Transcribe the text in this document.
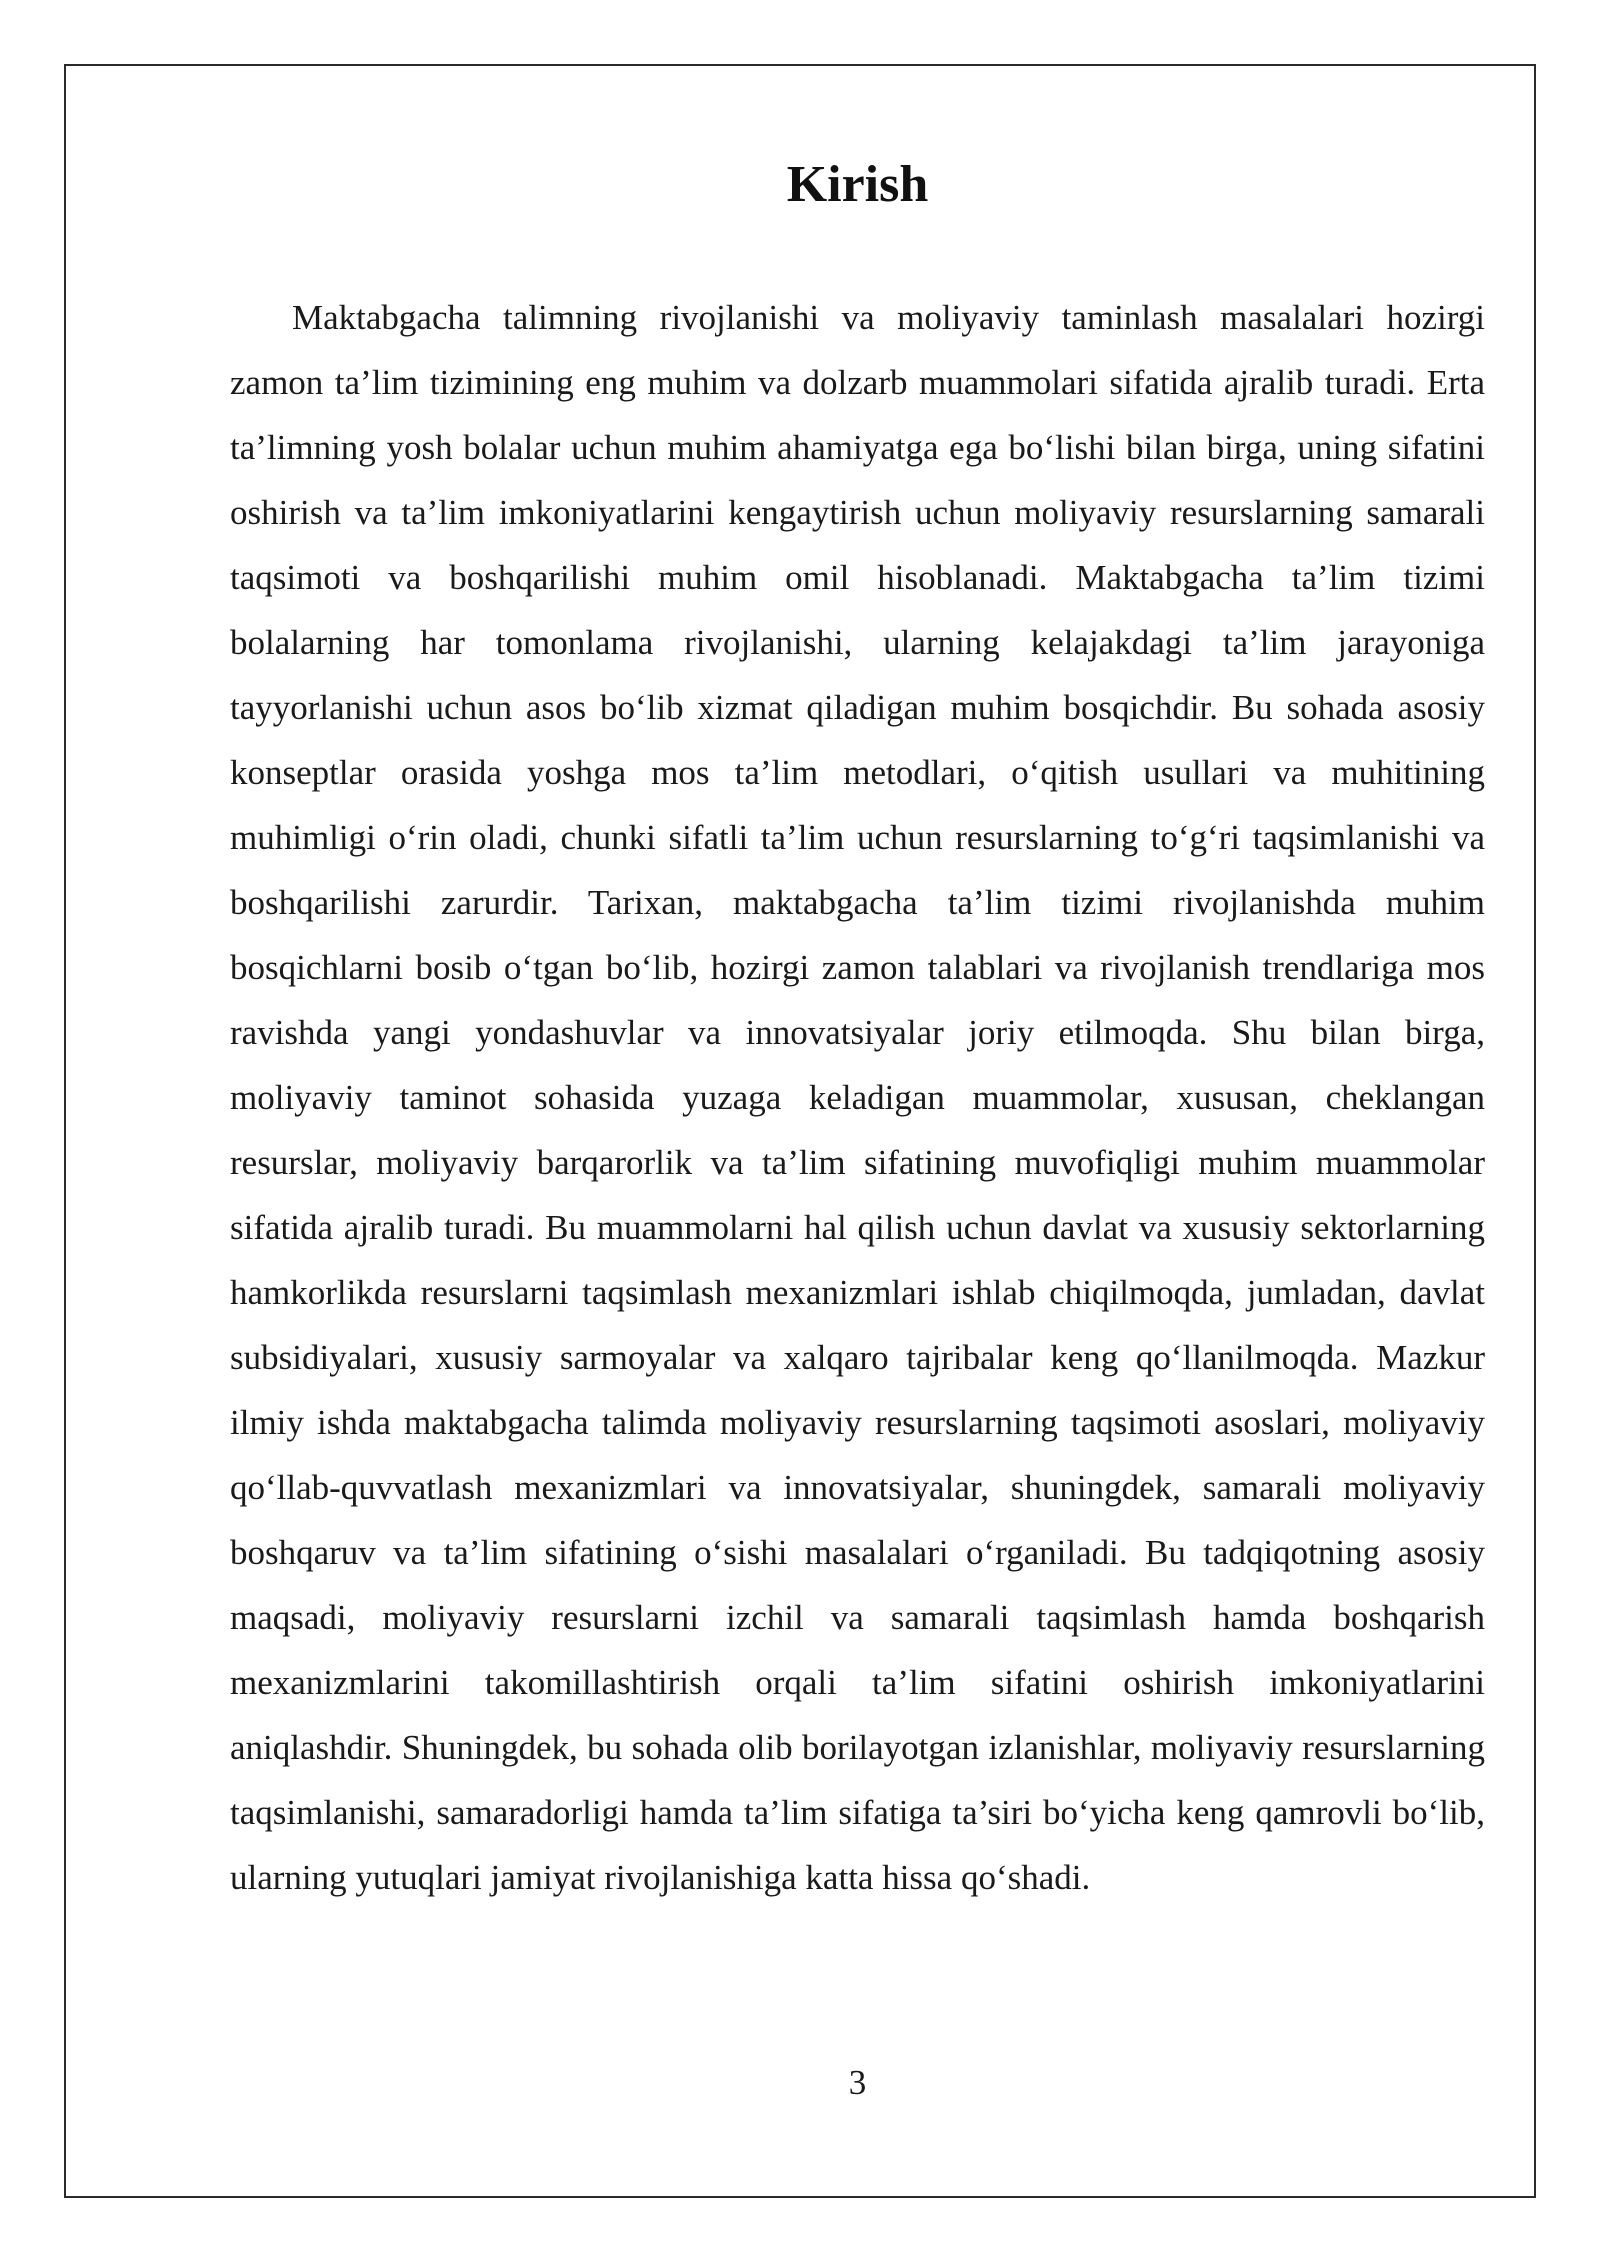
Kirish

Maktabgacha talimning rivojlanishi va moliyaviy taminlash masalalari hozirgi zamon ta’lim tizimining eng muhim va dolzarb muammolari sifatida ajralib turadi. Erta ta’limning yosh bolalar uchun muhim ahamiyatga ega bo‘lishi bilan birga, uning sifatini oshirish va ta’lim imkoniyatlarini kengaytirish uchun moliyaviy resurslarning samarali taqsimoti va boshqarilishi muhim omil hisoblanadi. Maktabgacha ta’lim tizimi bolalarning har tomonlama rivojlanishi, ularning kelajakdagi ta’lim jarayoniga tayyorlanishi uchun asos bo‘lib xizmat qiladigan muhim bosqichdir. Bu sohada asosiy konseptlar orasida yoshga mos ta’lim metodlari, o‘qitish usullari va muhitining muhimligi o‘rin oladi, chunki sifatli ta’lim uchun resurslarning to‘g‘ri taqsimlanishi va boshqarilishi zarurdir. Tarixan, maktabgacha ta’lim tizimi rivojlanishda muhim bosqichlarni bosib o‘tgan bo‘lib, hozirgi zamon talablari va rivojlanish trendlariga mos ravishda yangi yondashuvlar va innovatsiyalar joriy etilmoqda. Shu bilan birga, moliyaviy taminot sohasida yuzaga keladigan muammolar, xususan, cheklangan resurslar, moliyaviy barqarorlik va ta’lim sifatining muvofiqligi muhim muammolar sifatida ajralib turadi. Bu muammolarni hal qilish uchun davlat va xususiy sektorlarning hamkorlikda resurslarni taqsimlash mexanizmlari ishlab chiqilmoqda, jumladan, davlat subsidiyalari, xususiy sarmoyalar va xalqaro tajribalar keng qo‘llanilmoqda. Mazkur ilmiy ishda maktabgacha talimda moliyaviy resurslarning taqsimoti asoslari, moliyaviy qo‘llab-quvvatlash mexanizmlari va innovatsiyalar, shuningdek, samarali moliyaviy boshqaruv va ta’lim sifatining o‘sishi masalalari o‘rganiladi. Bu tadqiqotning asosiy maqsadi, moliyaviy resurslarni izchil va samarali taqsimlash hamda boshqarish mexanizmlarini takomillashtirish orqali ta’lim sifatini oshirish imkoniyatlarini aniqlashdir. Shuningdek, bu sohada olib borilayotgan izlanishlar, moliyaviy resurslarning taqsimlanishi, samaradorligi hamda ta’lim sifatiga ta’siri bo‘yicha keng qamrovli bo‘lib, ularning yutuqlari jamiyat rivojlanishiga katta hissa qo‘shadi.

3
